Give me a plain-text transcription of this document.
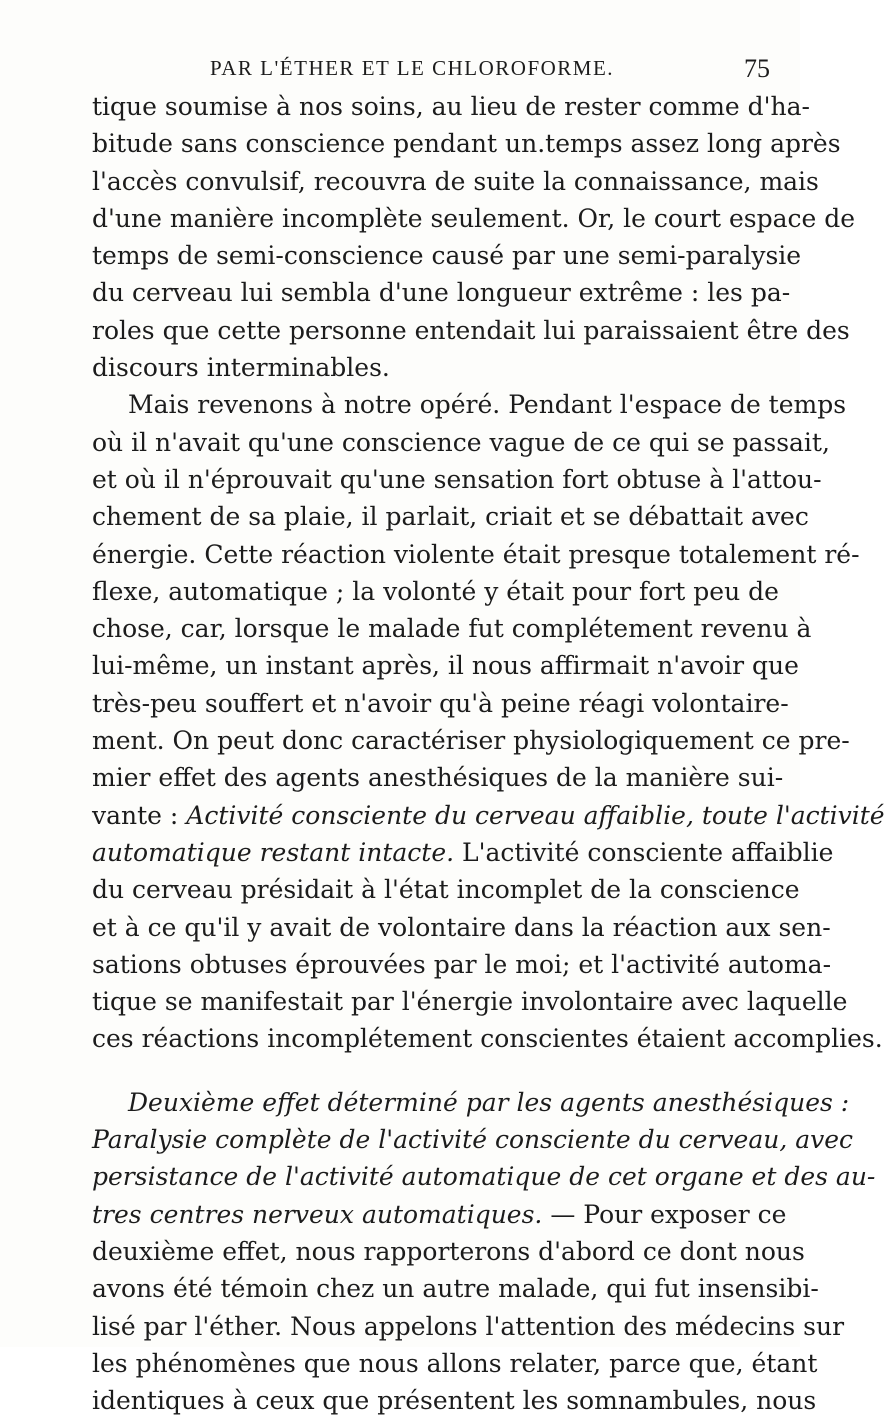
PAR L'ÉTHER ET LE CHLOROFORME.	75
tique soumise à nos soins, au lieu de rester comme d'ha-
bitude sans conscience pendant un.temps assez long après
l'accès convulsif, recouvra de suite la connaissance, mais
d'une manière incomplète seulement. Or, le court espace de
temps de semi-conscience causé par une semi-paralysie
du cerveau lui sembla d'une longueur extrême : les pa-
roles que cette personne entendait lui paraissaient être des
discours interminables.
Mais revenons à notre opéré. Pendant l'espace de temps
où il n'avait qu'une conscience vague de ce qui se passait,
et où il n'éprouvait qu'une sensation fort obtuse à l'attou-
chement de sa plaie, il parlait, criait et se débattait avec
énergie. Cette réaction violente était presque totalement ré-
flexe, automatique ; la volonté y était pour fort peu de
chose, car, lorsque le malade fut complétement revenu à
lui-même, un instant après, il nous affirmait n'avoir que
très-peu souffert et n'avoir qu'à peine réagi volontaire-
ment. On peut donc caractériser physiologiquement ce pre-
mier effet des agents anesthésiques de la manière sui-
vante : Activité consciente du cerveau affaiblie, toute l'activité
automatique restant intacte. L'activité consciente affaiblie
du cerveau présidait à l'état incomplet de la conscience
et à ce qu'il y avait de volontaire dans la réaction aux sen-
sations obtuses éprouvées par le moi; et l'activité automa-
tique se manifestait par l'énergie involontaire avec laquelle
ces réactions incomplétement conscientes étaient accomplies.
Deuxième effet déterminé par les agents anesthésiques :
Paralysie complète de l'activité consciente du cerveau, avec
persistance de l'activité automatique de cet organe et des au-
tres centres nerveux automatiques. — Pour exposer ce
deuxième effet, nous rapporterons d'abord ce dont nous
avons été témoin chez un autre malade, qui fut insensibi-
lisé par l'éther. Nous appelons l'attention des médecins sur
les phénomènes que nous allons relater, parce que, étant
identiques à ceux que présentent les somnambules, nous
